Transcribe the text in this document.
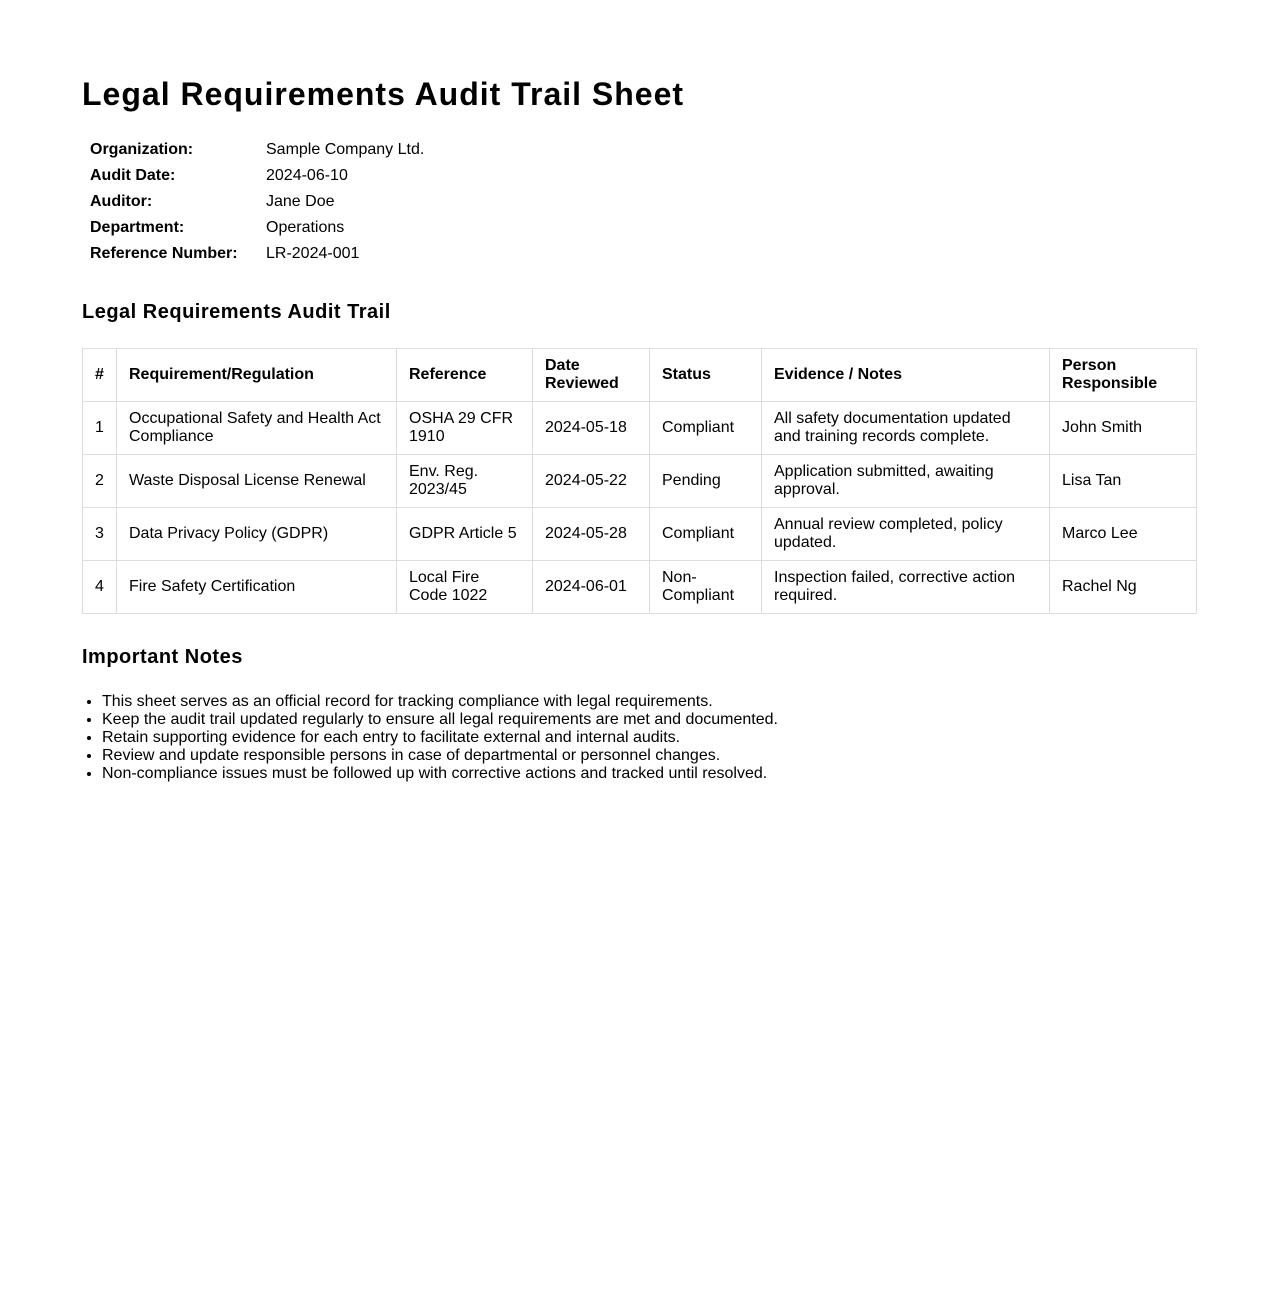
Legal Requirements Audit Trail Sheet
Organization:	Sample Company Ltd.
Audit Date:	2024-06-10
Auditor:	Jane Doe
Department:	Operations
Reference Number:	LR-2024-001
Legal Requirements Audit Trail
#	Requirement/Regulation	Reference	Date Reviewed	Status	Evidence / Notes	Person Responsible
1	Occupational Safety and Health Act Compliance	OSHA 29 CFR 1910	2024-05-18	Compliant	All safety documentation updated and training records complete.	John Smith
2	Waste Disposal License Renewal	Env. Reg. 2023/45	2024-05-22	Pending	Application submitted, awaiting approval.	Lisa Tan
3	Data Privacy Policy (GDPR)	GDPR Article 5	2024-05-28	Compliant	Annual review completed, policy updated.	Marco Lee
4	Fire Safety Certification	Local Fire Code 1022	2024-06-01	Non-Compliant	Inspection failed, corrective action required.	Rachel Ng
Important Notes
• This sheet serves as an official record for tracking compliance with legal requirements.
• Keep the audit trail updated regularly to ensure all legal requirements are met and documented.
• Retain supporting evidence for each entry to facilitate external and internal audits.
• Review and update responsible persons in case of departmental or personnel changes.
• Non-compliance issues must be followed up with corrective actions and tracked until resolved.
